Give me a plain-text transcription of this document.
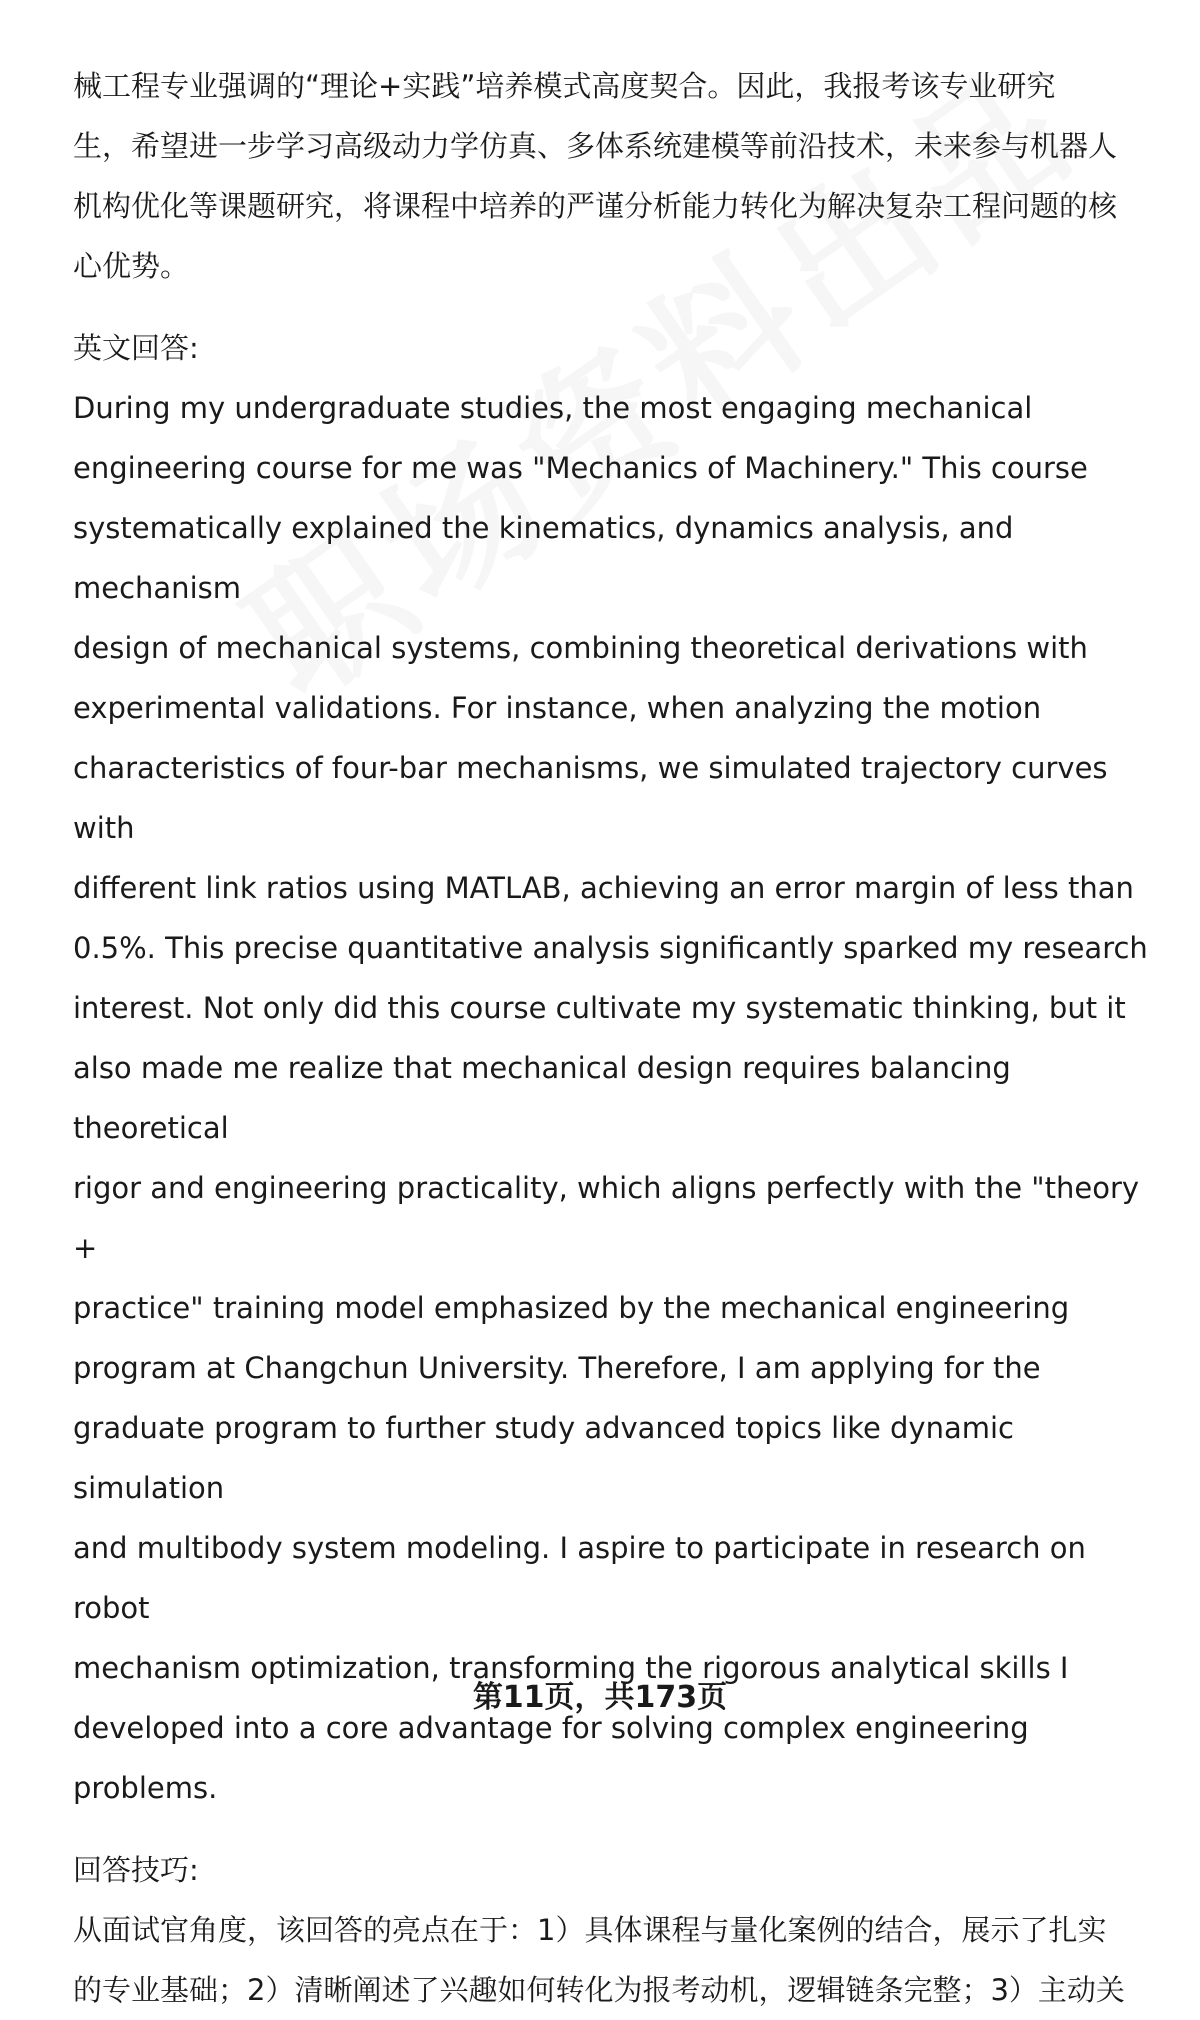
械工程专业强调的“理论+实践”培养模式高度契合。因此，我报考该专业研究

生，希望进一步学习高级动力学仿真、多体系统建模等前沿技术，未来参与机器人

机构优化等课题研究，将课程中培养的严谨分析能力转化为解决复杂工程问题的核

心优势。

英文回答:

During my undergraduate studies, the most engaging mechanical

engineering course for me was "Mechanics of Machinery." This course

systematically explained the kinematics, dynamics analysis, and mechanism

design of mechanical systems, combining theoretical derivations with

experimental validations. For instance, when analyzing the motion

characteristics of four-bar mechanisms, we simulated trajectory curves with

different link ratios using MATLAB, achieving an error margin of less than

0.5%. This precise quantitative analysis significantly sparked my research

interest. Not only did this course cultivate my systematic thinking, but it

also made me realize that mechanical design requires balancing theoretical

rigor and engineering practicality, which aligns perfectly with the "theory +

practice" training model emphasized by the mechanical engineering

program at Changchun University. Therefore, I am applying for the

graduate program to further study advanced topics like dynamic simulation

and multibody system modeling. I aspire to participate in research on robot

mechanism optimization, transforming the rigorous analytical skills I

developed into a core advantage for solving complex engineering

problems.

回答技巧:

从面试官角度，该回答的亮点在于：1）具体课程与量化案例的结合，展示了扎实

的专业基础；2）清晰阐述了兴趣如何转化为报考动机，逻辑链条完整；3）主动关

第11页，共173页
